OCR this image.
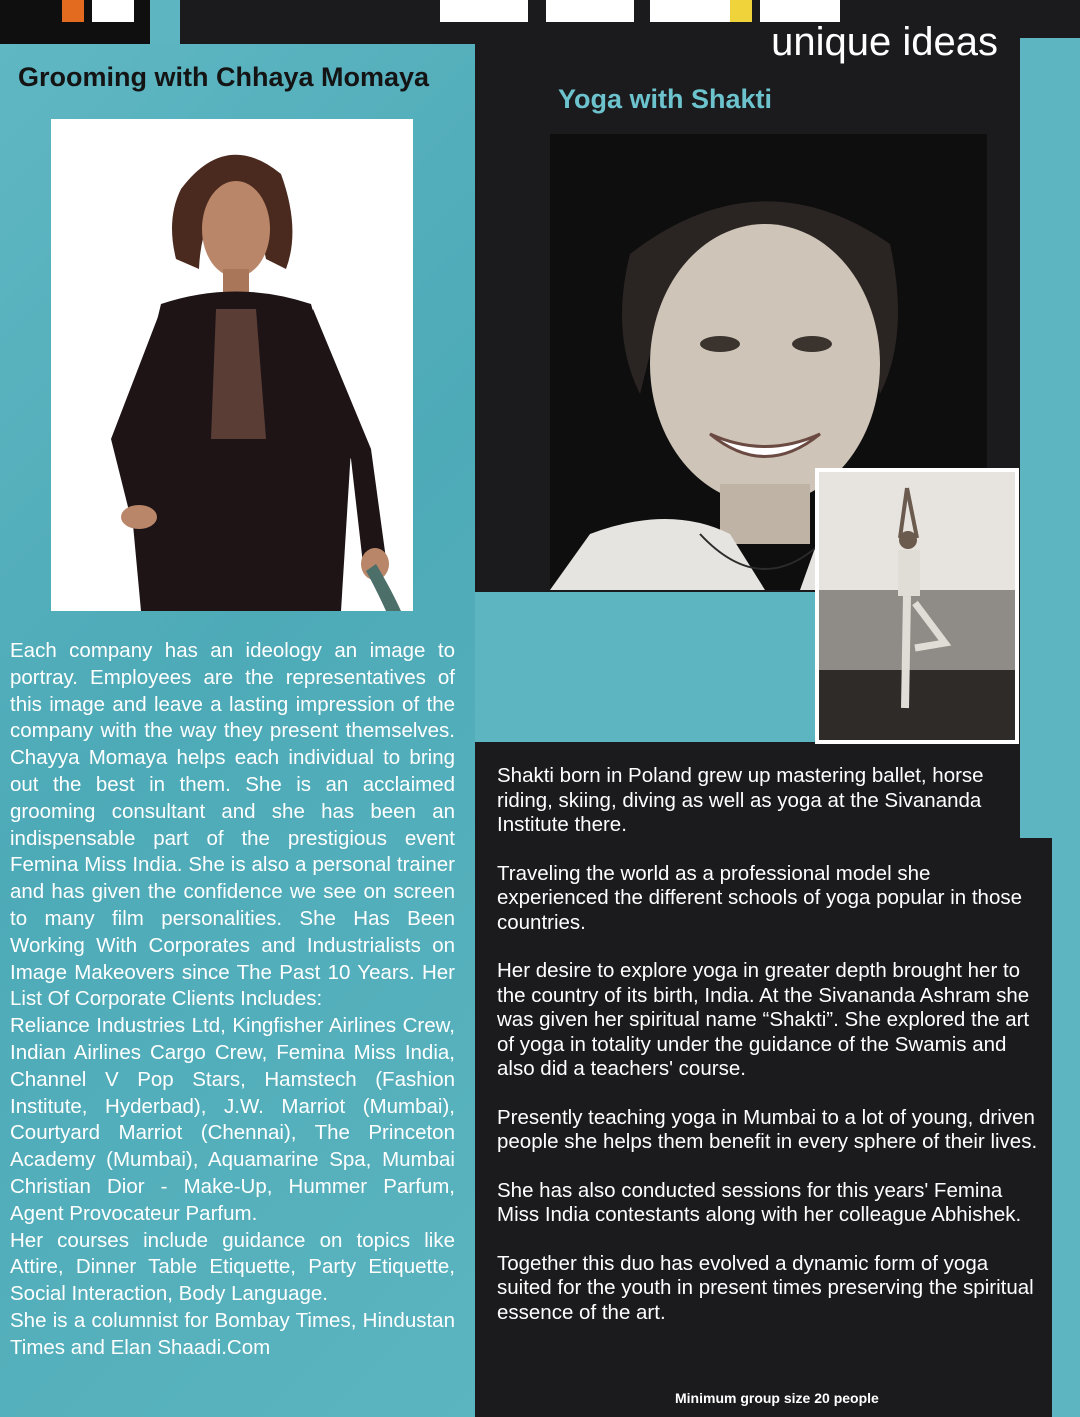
unique ideas
Grooming with Chhaya Momaya
Yoga with Shakti

Each company has an ideology an image to portray. Employees are the representatives of this image and leave a lasting impression of the company with the way they present themselves. Chayya Momaya helps each individual to bring out the best in them. She is an acclaimed grooming consultant and she has been an indispensable part of the prestigious event Femina Miss India. She is also a personal trainer and has given the confidence we see on screen to many film personalities. She Has Been Working With Corporates and Industrialists on Image Makeovers since The Past 10 Years. Her List Of Corporate Clients Includes:

Reliance Industries Ltd, Kingfisher Airlines Crew, Indian Airlines Cargo Crew, Femina Miss India, Channel V Pop Stars, Hamstech (Fashion Institute, Hyderbad), J.W. Marriot (Mumbai), Courtyard Marriot (Chennai), The Princeton Academy (Mumbai), Aquamarine Spa, Mumbai Christian Dior - Make-Up, Hummer Parfum, Agent Provocateur Parfum.

Her courses include guidance on topics like Attire, Dinner Table Etiquette, Party Etiquette, Social Interaction, Body Language.

She is a columnist for Bombay Times, Hindustan Times and Elan Shaadi.Com

Shakti born in Poland grew up mastering ballet, horse riding, skiing, diving as well as yoga at the Sivananda Institute there.

Traveling the world as a professional model she experienced the different schools of yoga popular in those countries.

Her desire to explore yoga in greater depth brought her to the country of its birth, India. At the Sivananda Ashram she was given her spiritual name “Shakti”. She explored the art of yoga in totality under the guidance of the Swamis and also did a teachers' course.

Presently teaching yoga in Mumbai to a lot of young, driven people she helps them benefit in every sphere of their lives.

She has also conducted sessions for this years' Femina Miss India contestants along with her colleague Abhishek.

Together this duo has evolved a dynamic form of yoga suited for the youth in present times preserving the spiritual essence of the art.

Minimum group size 20 people
